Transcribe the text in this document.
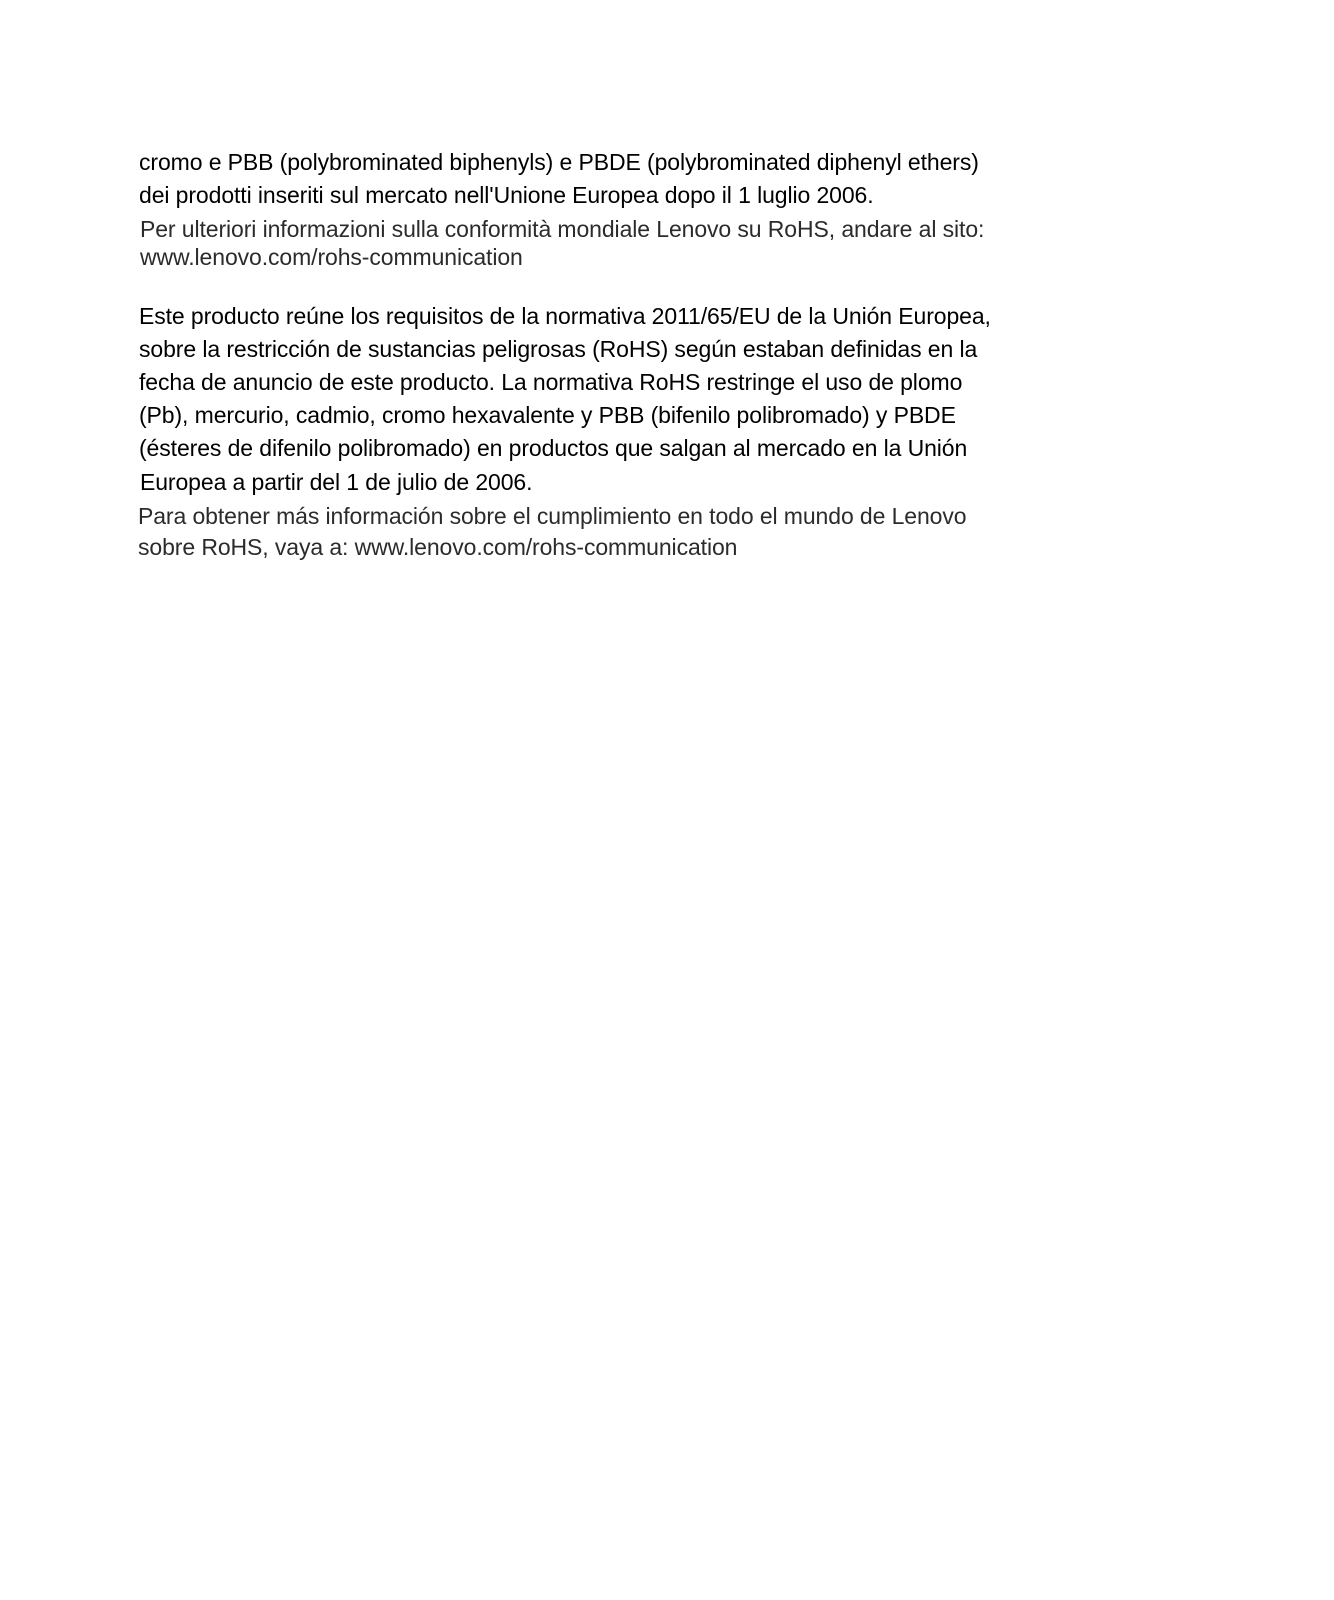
cromo e PBB (polybrominated biphenyls) e PBDE (polybrominated diphenyl ethers)
dei prodotti inseriti sul mercato nell'Unione Europea dopo il 1 luglio 2006.
Per ulteriori informazioni sulla conformità mondiale Lenovo su RoHS, andare al sito:
www.lenovo.com/rohs-communication
Este producto reúne los requisitos de la normativa 2011/65/EU de la Unión Europea,
sobre la restricción de sustancias peligrosas (RoHS) según estaban definidas en la
fecha de anuncio de este producto. La normativa RoHS restringe el uso de plomo
(Pb), mercurio, cadmio, cromo hexavalente y PBB (bifenilo polibromado) y PBDE
(ésteres de difenilo polibromado) en productos que salgan al mercado en la Unión
Europea a partir del 1 de julio de 2006.
Para obtener más información sobre el cumplimiento en todo el mundo de Lenovo
sobre RoHS, vaya a: www.lenovo.com/rohs-communication
